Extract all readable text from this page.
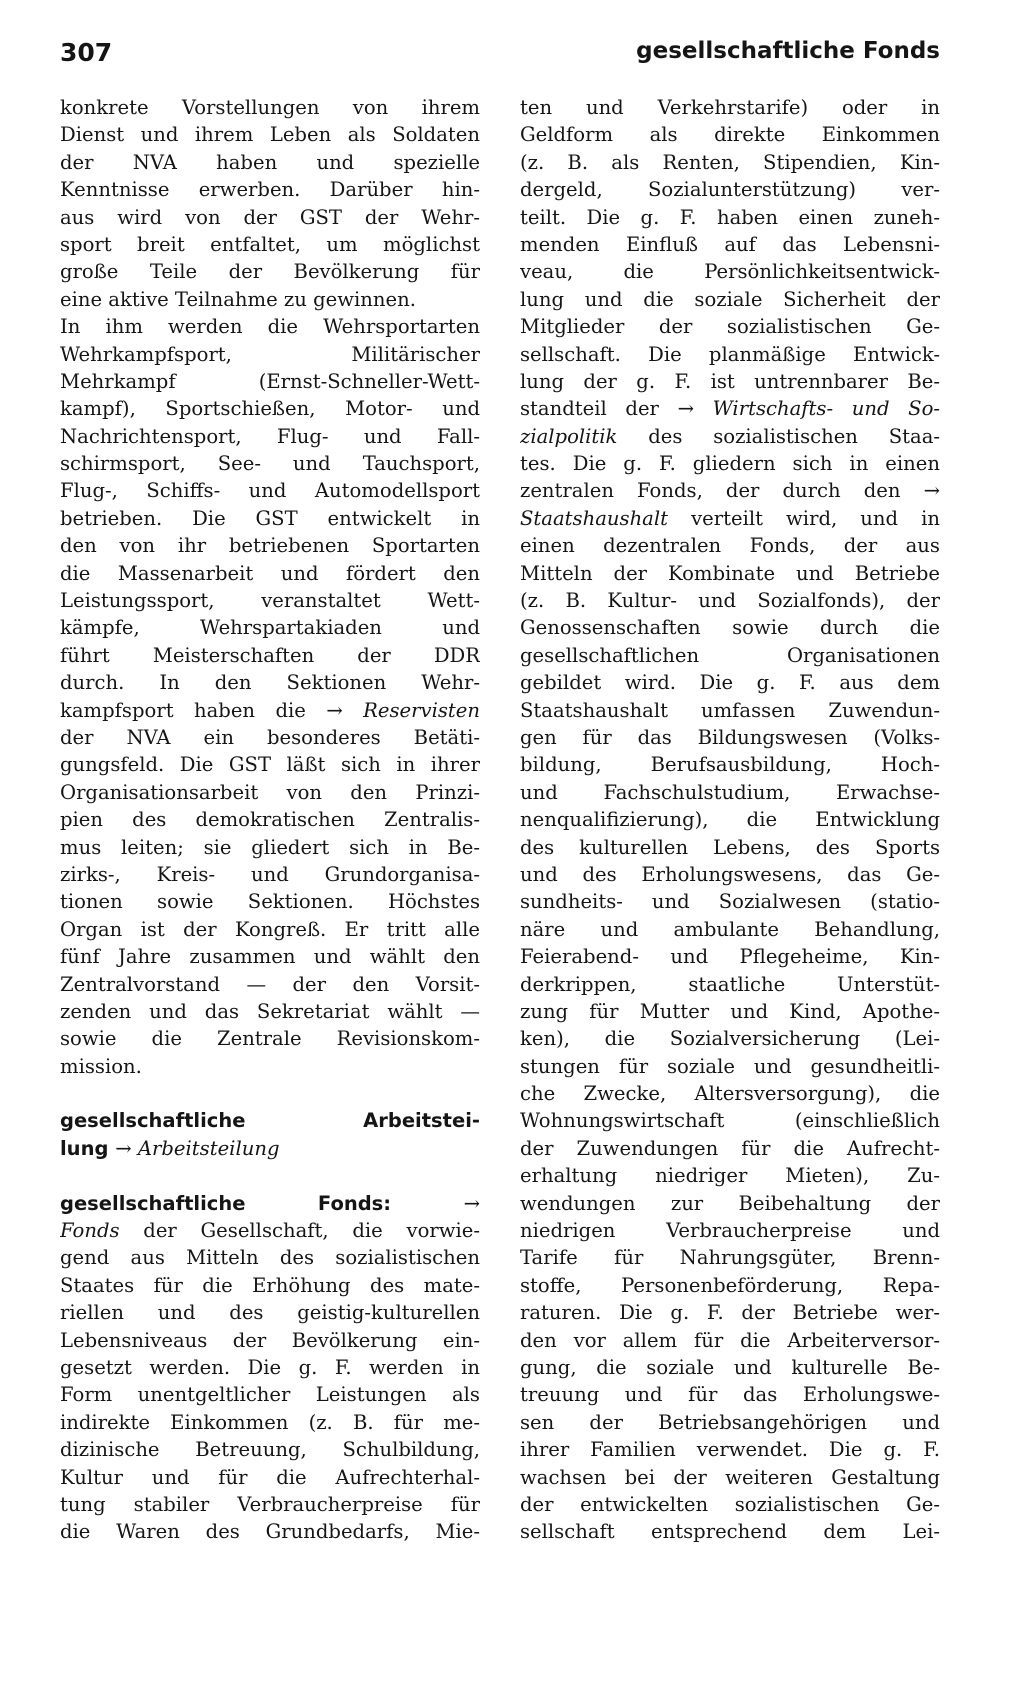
307	gesellschaftliche Fonds
konkrete Vorstellungen von ihrem
Dienst und ihrem Leben als Soldaten
der NVA haben und spezielle
Kenntnisse erwerben. Darüber hin-
aus wird von der GST der Wehr-
sport breit entfaltet, um möglichst
große Teile der Bevölkerung für
eine aktive Teilnahme zu gewinnen.
In ihm werden die Wehrsportarten
Wehrkampfsport, Militärischer
Mehrkampf (Ernst-Schneller-Wett-
kampf), Sportschießen, Motor- und
Nachrichtensport, Flug- und Fall-
schirmsport, See- und Tauchsport,
Flug-, Schiffs- und Automodellsport
betrieben. Die GST entwickelt in
den von ihr betriebenen Sportarten
die Massenarbeit und fördert den
Leistungssport, veranstaltet Wett-
kämpfe, Wehrspartakiaden und
führt Meisterschaften der DDR
durch. In den Sektionen Wehr-
kampfsport haben die → Reservisten
der NVA ein besonderes Betäti-
gungsfeld. Die GST läßt sich in ihrer
Organisationsarbeit von den Prinzi-
pien des demokratischen Zentralis-
mus leiten; sie gliedert sich in Be-
zirks-, Kreis- und Grundorganisa-
tionen sowie Sektionen. Höchstes
Organ ist der Kongreß. Er tritt alle
fünf Jahre zusammen und wählt den
Zentralvorstand — der den Vorsit-
zenden und das Sekretariat wählt —
sowie die Zentrale Revisionskom-
mission.
gesellschaftliche Arbeitstei-
lung → Arbeitsteilung
gesellschaftliche Fonds: →
Fonds der Gesellschaft, die vorwie-
gend aus Mitteln des sozialistischen
Staates für die Erhöhung des mate-
riellen und des geistig-kulturellen
Lebensniveaus der Bevölkerung ein-
gesetzt werden. Die g. F. werden in
Form unentgeltlicher Leistungen als
indirekte Einkommen (z. B. für me-
dizinische Betreuung, Schulbildung,
Kultur und für die Aufrechterhal-
tung stabiler Verbraucherpreise für
die Waren des Grundbedarfs, Mie-
ten und Verkehrstarife) oder in
Geldform als direkte Einkommen
(z. B. als Renten, Stipendien, Kin-
dergeld, Sozialunterstützung) ver-
teilt. Die g. F. haben einen zuneh-
menden Einfluß auf das Lebensni-
veau, die Persönlichkeitsentwick-
lung und die soziale Sicherheit der
Mitglieder der sozialistischen Ge-
sellschaft. Die planmäßige Entwick-
lung der g. F. ist untrennbarer Be-
standteil der → Wirtschafts- und So-
zialpolitik des sozialistischen Staa-
tes. Die g. F. gliedern sich in einen
zentralen Fonds, der durch den →
Staatshaushalt verteilt wird, und in
einen dezentralen Fonds, der aus
Mitteln der Kombinate und Betriebe
(z. B. Kultur- und Sozialfonds), der
Genossenschaften sowie durch die
gesellschaftlichen Organisationen
gebildet wird. Die g. F. aus dem
Staatshaushalt umfassen Zuwendun-
gen für das Bildungswesen (Volks-
bildung, Berufsausbildung, Hoch-
und Fachschulstudium, Erwachse-
nenqualifizierung), die Entwicklung
des kulturellen Lebens, des Sports
und des Erholungswesens, das Ge-
sundheits- und Sozialwesen (statio-
näre und ambulante Behandlung,
Feierabend- und Pflegeheime, Kin-
derkrippen, staatliche Unterstüt-
zung für Mutter und Kind, Apothe-
ken), die Sozialversicherung (Lei-
stungen für soziale und gesundheitli-
che Zwecke, Altersversorgung), die
Wohnungswirtschaft (einschließlich
der Zuwendungen für die Aufrecht-
erhaltung niedriger Mieten), Zu-
wendungen zur Beibehaltung der
niedrigen Verbraucherpreise und
Tarife für Nahrungsgüter, Brenn-
stoffe, Personenbeförderung, Repa-
raturen. Die g. F. der Betriebe wer-
den vor allem für die Arbeiterversor-
gung, die soziale und kulturelle Be-
treuung und für das Erholungswe-
sen der Betriebsangehörigen und
ihrer Familien verwendet. Die g. F.
wachsen bei der weiteren Gestaltung
der entwickelten sozialistischen Ge-
sellschaft entsprechend dem Lei-
